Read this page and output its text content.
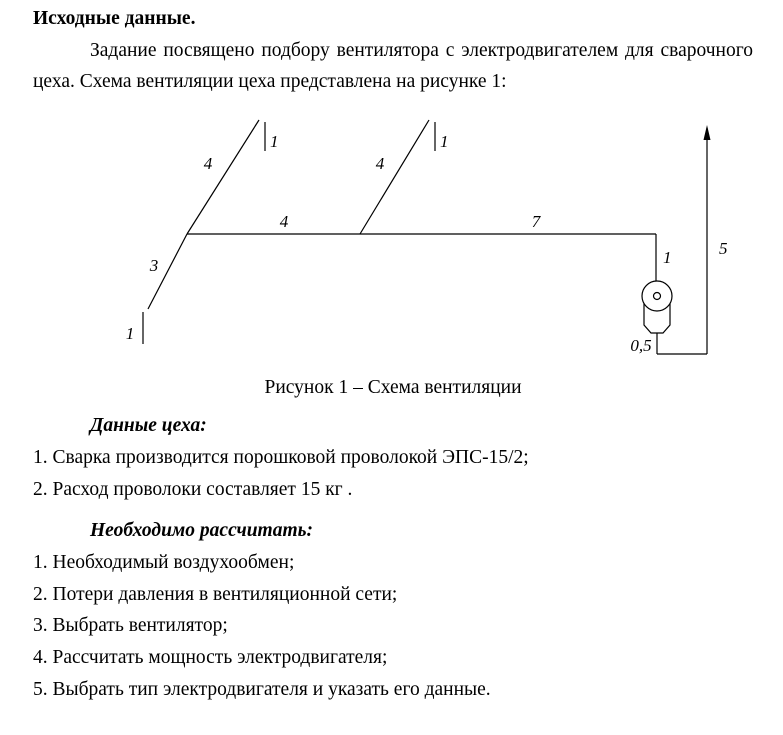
Исходные данные.

Задание посвящено подбору вентилятора с электродвигателем для сварочного цеха. Схема вентиляции цеха представлена на рисунке 1:

4
1
4
4
1
7
3
1
1
0,5
5

Рисунок 1 – Схема вентиляции

Данные цеха:

1. Сварка производится порошковой проволокой ЭПС-15/2;

2. Расход проволоки составляет 15 кг .

Необходимо рассчитать:

1. Необходимый воздухообмен;

2. Потери давления в вентиляционной сети;

3. Выбрать вентилятор;

4. Рассчитать мощность электродвигателя;

5. Выбрать тип электродвигателя и указать его данные.
